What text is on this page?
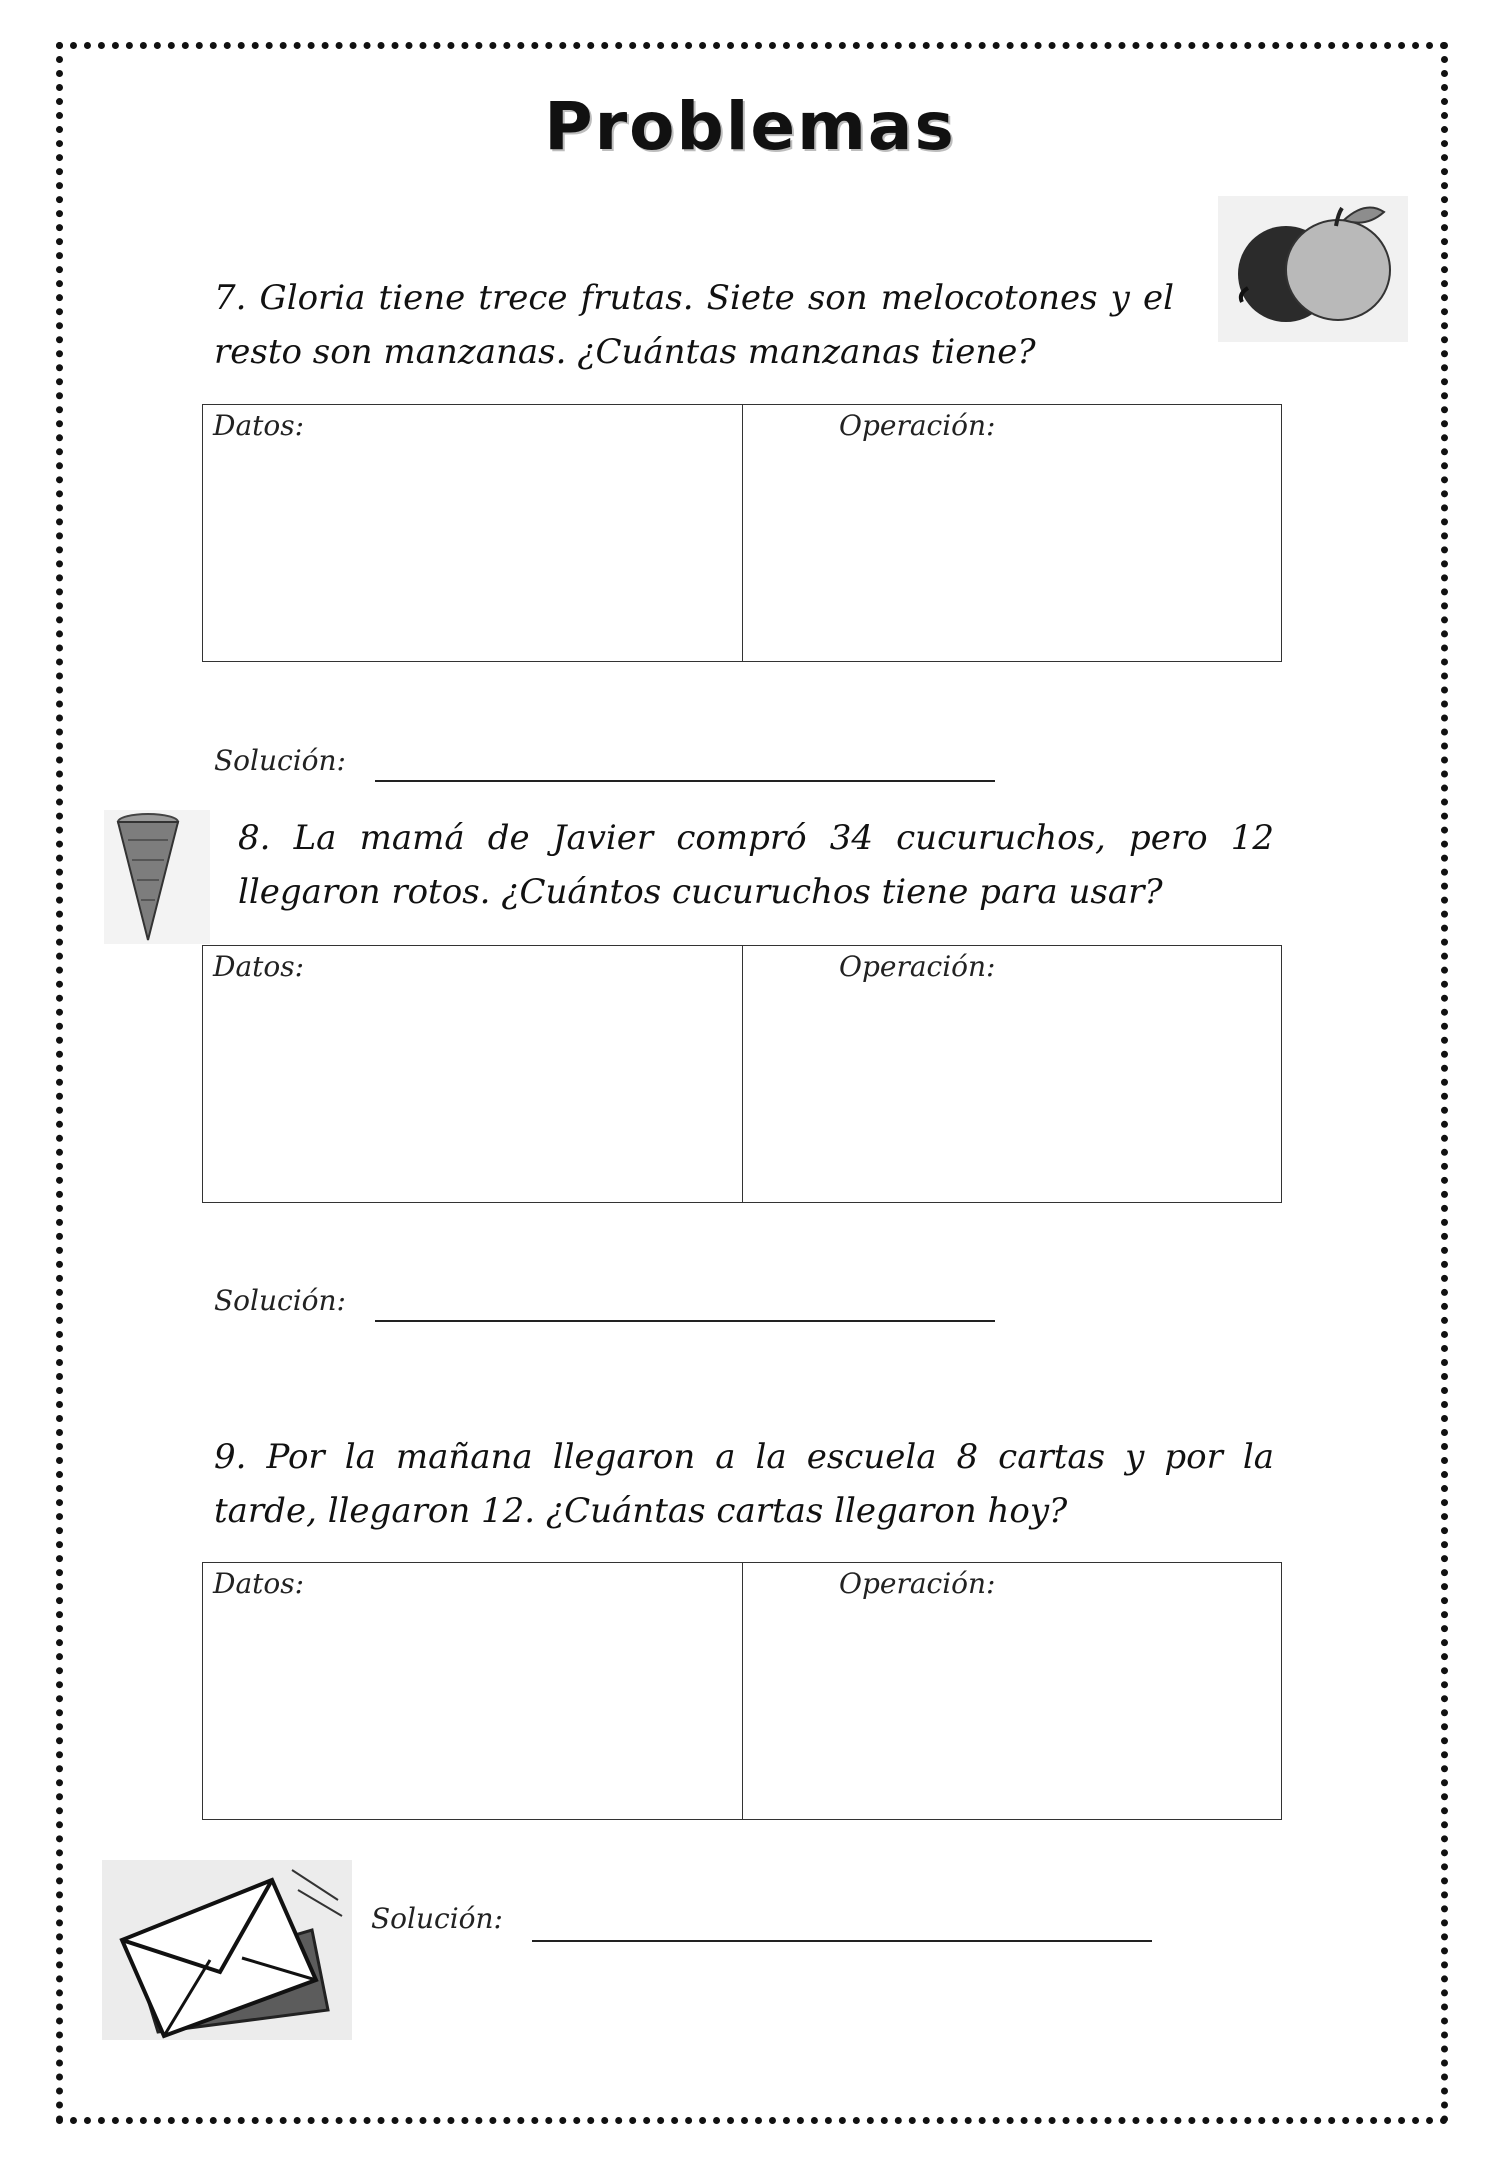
Problemas
7. Gloria tiene trece frutas. Siete son melocotones y el resto son manzanas. ¿Cuántas manzanas tiene?
Datos:	Operación:
Solución:
8. La mamá de Javier compró 34 cucuruchos, pero 12 llegaron rotos. ¿Cuántos cucuruchos tiene para usar?
Datos:	Operación:
Solución:
9. Por la mañana llegaron a la escuela 8 cartas y por la tarde, llegaron 12. ¿Cuántas cartas llegaron hoy?
Datos:	Operación:
Solución:
